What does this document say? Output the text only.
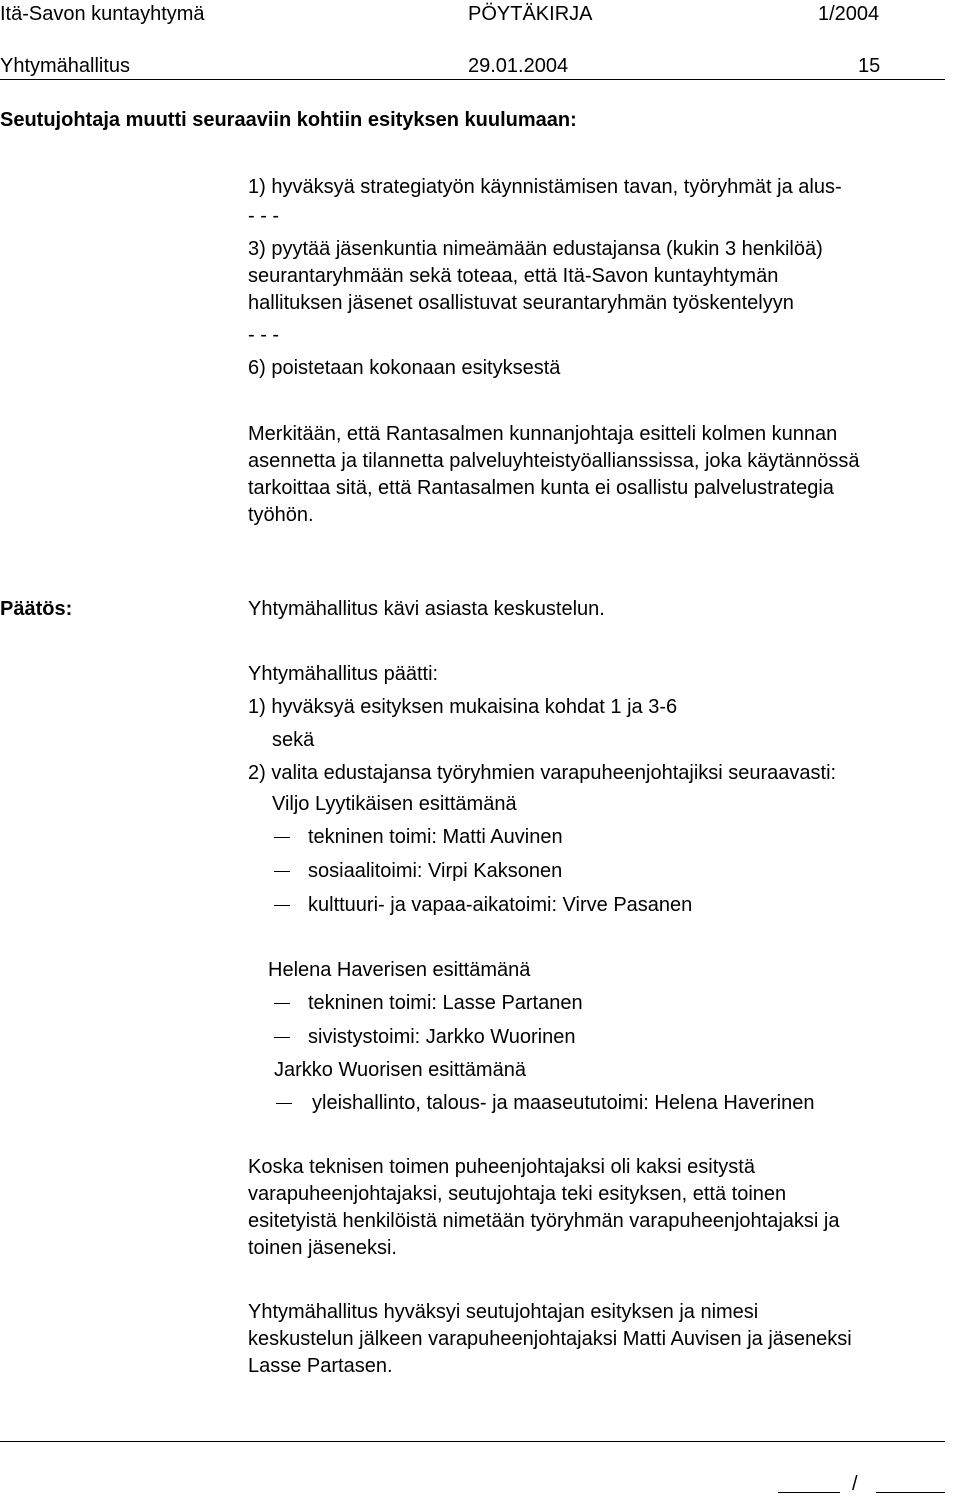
Itä-Savon kuntayhtymä	PÖYTÄKIRJA	1/2004
Yhtymähallitus	29.01.2004	15
Seutujohtaja muutti seuraaviin kohtiin esityksen kuulumaan:
1) hyväksyä strategiatyön käynnistämisen tavan, työryhmät ja alus-
- - -
3) pyytää jäsenkuntia nimeämään edustajansa (kukin 3 henkilöä)
seurantaryhmään sekä toteaa, että Itä-Savon kuntayhtymän
hallituksen jäsenet osallistuvat seurantaryhmän työskentelyyn
- - -
6) poistetaan kokonaan esityksestä
Merkitään, että Rantasalmen kunnanjohtaja esitteli kolmen kunnan
asennetta ja tilannetta palveluyhteistyöallianssissa, joka käytännössä
tarkoittaa sitä, että Rantasalmen kunta ei osallistu palvelustrategia
työhön.
Päätös:	Yhtymähallitus kävi asiasta keskustelun.
Yhtymähallitus päätti:
1) hyväksyä esityksen mukaisina kohdat 1 ja 3-6
sekä
2) valita edustajansa työryhmien varapuheenjohtajiksi seuraavasti:
Viljo Lyytikäisen esittämänä
tekninen toimi: Matti Auvinen
sosiaalitoimi: Virpi Kaksonen
kulttuuri- ja vapaa-aikatoimi: Virve Pasanen
Helena Haverisen esittämänä
tekninen toimi: Lasse Partanen
sivistystoimi: Jarkko Wuorinen
Jarkko Wuorisen esittämänä
yleishallinto, talous- ja maaseututoimi: Helena Haverinen
Koska teknisen toimen puheenjohtajaksi oli kaksi esitystä
varapuheenjohtajaksi, seutujohtaja teki esityksen, että toinen
esitetyistä henkilöistä nimetään työryhmän varapuheenjohtajaksi ja
toinen jäseneksi.
Yhtymähallitus hyväksyi seutujohtajan esityksen ja nimesi
keskustelun jälkeen varapuheenjohtajaksi Matti Auvisen ja jäseneksi
Lasse Partasen.
/
